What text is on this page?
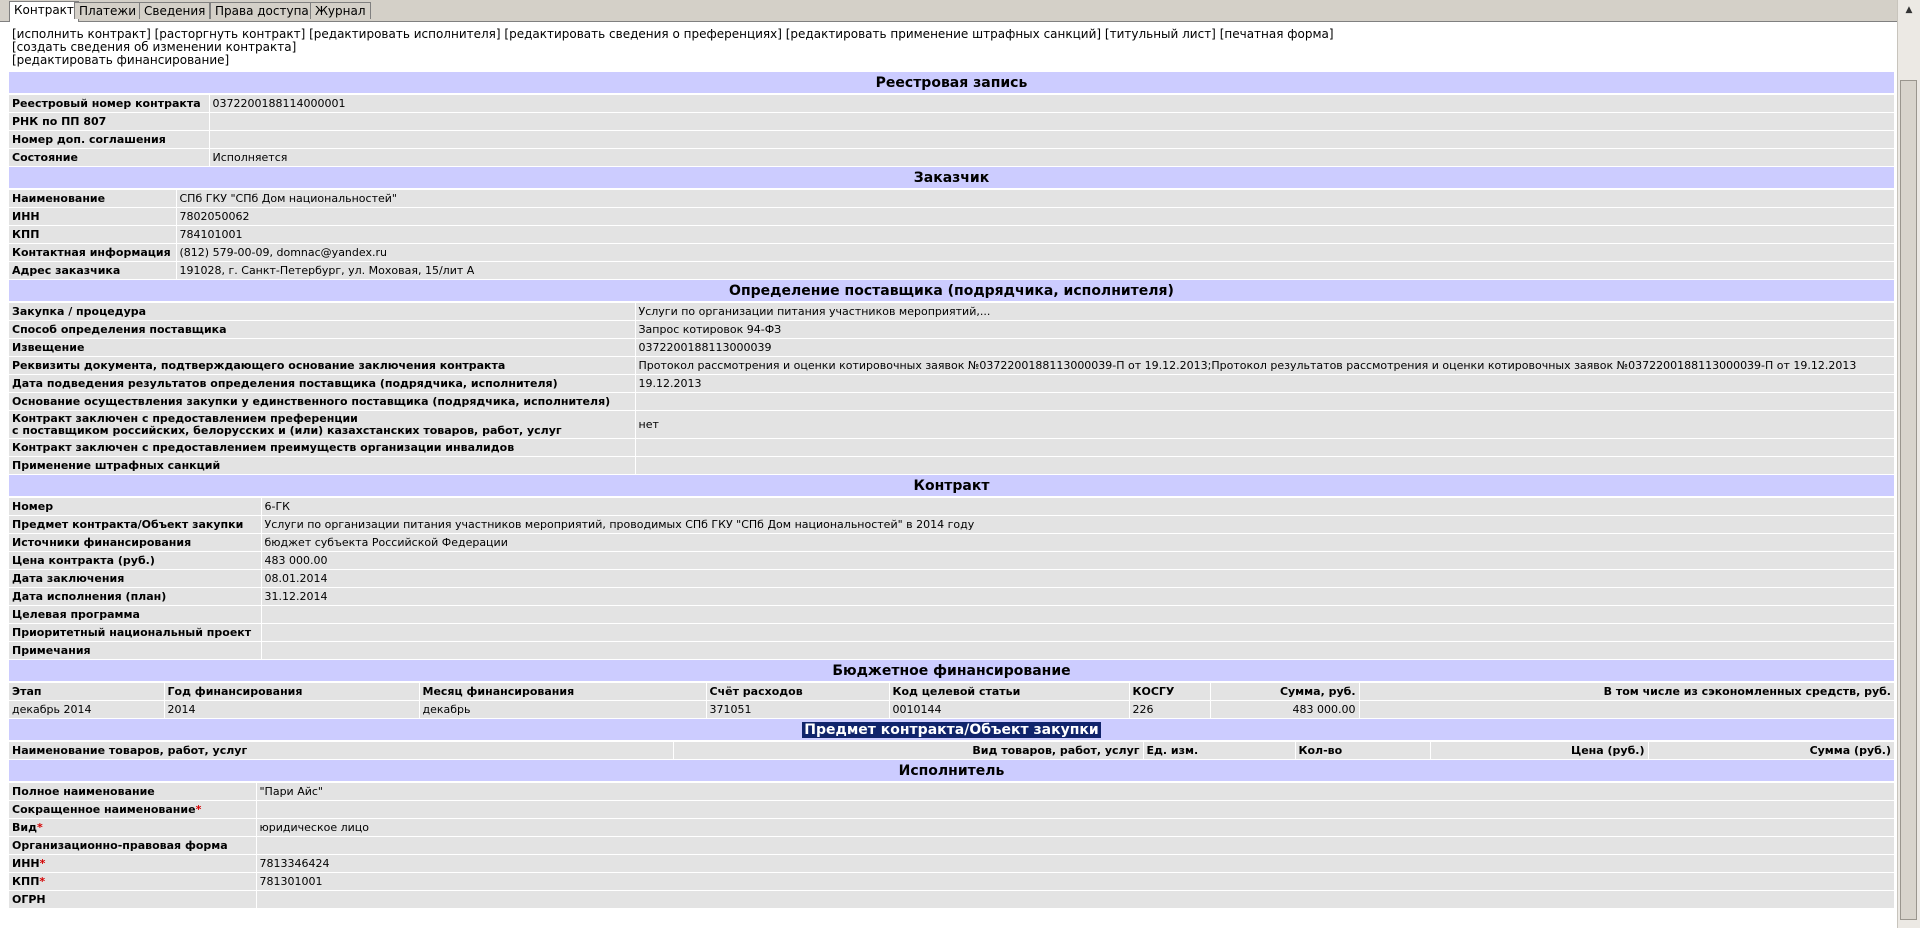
Контракт Платежи Сведения Права доступа Журнал
[исполнить контракт] [расторгнуть контракт] [редактировать исполнителя] [редактировать сведения о преференциях] [редактировать применение штрафных санкций] [титульный лист] [печатная форма]
[создать сведения об изменении контракта]
[редактировать финансирование]
Реестровая запись	
Реестровый номер контракта	0372200188114000001
РНК по ПП 807	
Номер доп. соглашения	
Состояние	Исполняется
Заказчик	
Наименование	СПб ГКУ "СПб Дом национальностей"
ИНН	7802050062
КПП	784101001
Контактная информация	(812) 579-00-09, domnac@yandex.ru
Адрес заказчика	191028, г. Санкт-Петербург, ул. Моховая, 15/лит А
Определение поставщика (подрядчика, исполнителя)	
Закупка / процедура	Услуги по организации питания участников мероприятий,...
Способ определения поставщика	Запрос котировок 94-ФЗ
Извещение	0372200188113000039
Реквизиты документа, подтверждающего основание заключения контракта	Протокол рассмотрения и оценки котировочных заявок №0372200188113000039-П от 19.12.2013;Протокол результатов рассмотрения и оценки котировочных заявок №0372200188113000039-П от 19.12.2013
Дата подведения результатов определения поставщика (подрядчика, исполнителя)	19.12.2013
Основание осуществления закупки у единственного поставщика (подрядчика, исполнителя)	

Контракт заключен с предоставлением преференции
с поставщиком российских, белорусских и (или) казахстанских товаров, работ, услуг	нет
Контракт заключен с предоставлением преимуществ организации инвалидов	
Применение штрафных санкций	
Контракт	
Номер	6-ГК
Предмет контракта/Объект закупки	Услуги по организации питания участников мероприятий, проводимых СПб ГКУ "СПб Дом национальностей" в 2014 году
Источники финансирования	бюджет субъекта Российской Федерации
Цена контракта (руб.)	483 000.00
Дата заключения	08.01.2014
Дата исполнения (план)	31.12.2014
Целевая программа	
Приоритетный национальный проект	
Примечания	
Бюджетное финансирование							
Этап	Год финансирования	Месяц финансирования	Счёт расходов	Код целевой статьи	КОСГУ	Сумма, руб.	В том числе из сэкономленных средств, руб.
декабрь 2014	2014	декабрь	371051	0010144	226	483 000.00	
Предмет контракта/Объект закупки
Наименование товаров, работ, услуг	Вид товаров, работ, услуг	Ед. изм.	Кол-во	Цена (руб.)	Сумма (руб.)
Исполнитель	
Полное наименование	"Пари Айс"
Сокращенное наименование*	
Вид*	юридическое лицо
Организационно-правовая форма	
ИНН*	7813346424
КПП*	781301001
ОГРН	
▲
